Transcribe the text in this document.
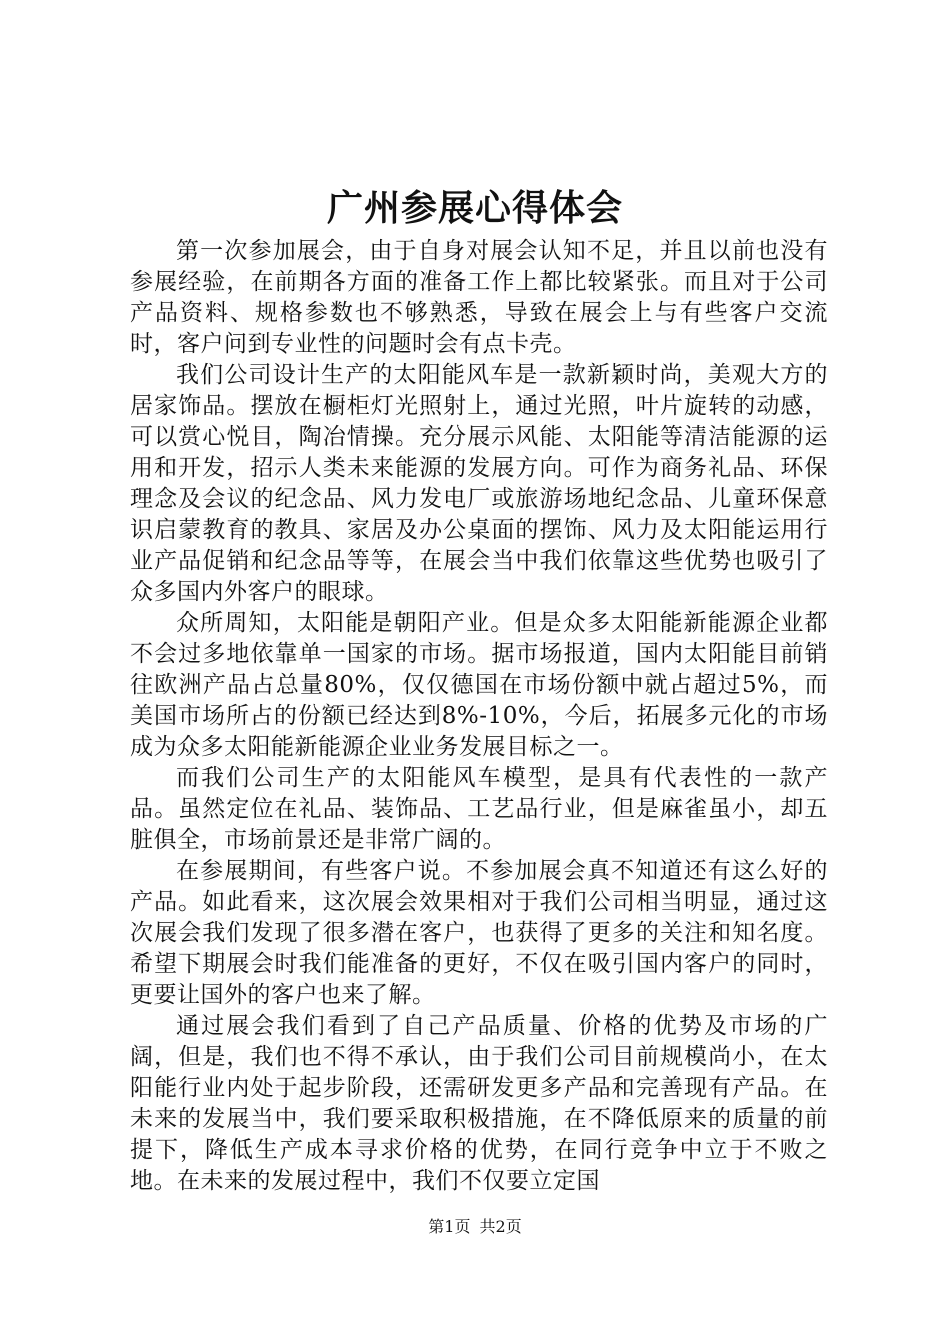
广州参展心得体会

第一次参加展会，由于自身对展会认知不足，并且以前也没有参展经验，在前期各方面的准备工作上都比较紧张。而且对于公司产品资料、规格参数也不够熟悉，导致在展会上与有些客户交流时，客户问到专业性的问题时会有点卡壳。

我们公司设计生产的太阳能风车是一款新颖时尚，美观大方的居家饰品。摆放在橱柜灯光照射上，通过光照，叶片旋转的动感，可以赏心悦目，陶冶情操。充分展示风能、太阳能等清洁能源的运用和开发，招示人类未来能源的发展方向。可作为商务礼品、环保理念及会议的纪念品、风力发电厂或旅游场地纪念品、儿童环保意识启蒙教育的教具、家居及办公桌面的摆饰、风力及太阳能运用行业产品促销和纪念品等等，在展会当中我们依靠这些优势也吸引了众多国内外客户的眼球。

众所周知，太阳能是朝阳产业。但是众多太阳能新能源企业都不会过多地依靠单一国家的市场。据市场报道，国内太阳能目前销往欧洲产品占总量80%，仅仅德国在市场份额中就占超过5%，而美国市场所占的份额已经达到8%-10%，今后，拓展多元化的市场成为众多太阳能新能源企业业务发展目标之一。

而我们公司生产的太阳能风车模型，是具有代表性的一款产品。虽然定位在礼品、装饰品、工艺品行业，但是麻雀虽小，却五脏俱全，市场前景还是非常广阔的。

在参展期间，有些客户说。不参加展会真不知道还有这么好的产品。如此看来，这次展会效果相对于我们公司相当明显，通过这次展会我们发现了很多潜在客户，也获得了更多的关注和知名度。希望下期展会时我们能准备的更好，不仅在吸引国内客户的同时，更要让国外的客户也来了解。

通过展会我们看到了自己产品质量、价格的优势及市场的广阔，但是，我们也不得不承认，由于我们公司目前规模尚小，在太阳能行业内处于起步阶段，还需研发更多产品和完善现有产品。在未来的发展当中，我们要采取积极措施，在不降低原来的质量的前提下，降低生产成本寻求价格的优势，在同行竞争中立于不败之地。在未来的发展过程中，我们不仅要立定国

第1页 共2页
